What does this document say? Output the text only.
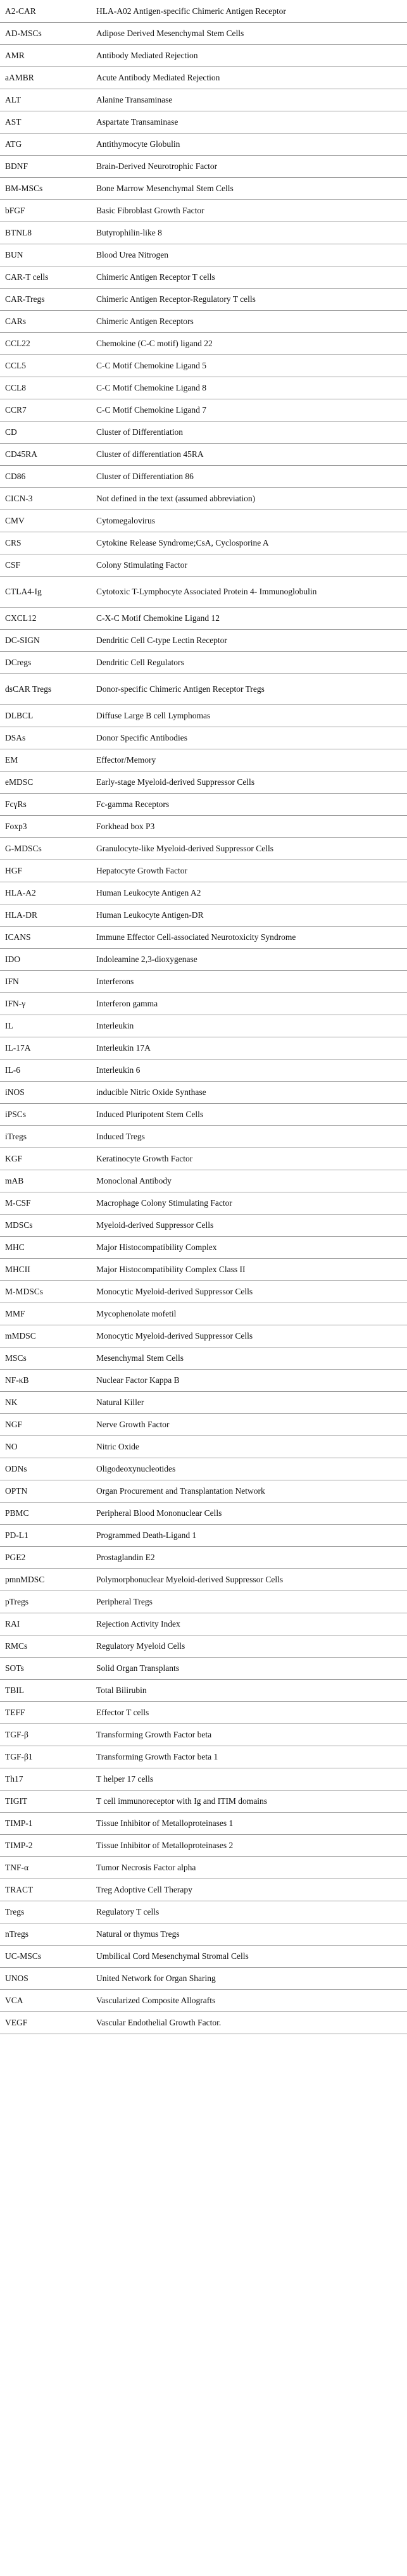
A2-CAR	HLA-A02 Antigen-specific Chimeric Antigen Receptor
AD-MSCs	Adipose Derived Mesenchymal Stem Cells
AMR	Antibody Mediated Rejection
aAMBR	Acute Antibody Mediated Rejection
ALT	Alanine Transaminase
AST	Aspartate Transaminase
ATG	Antithymocyte Globulin
BDNF	Brain-Derived Neurotrophic Factor
BM-MSCs	Bone Marrow Mesenchymal Stem Cells
bFGF	Basic Fibroblast Growth Factor
BTNL8	Butyrophilin-like 8
BUN	Blood Urea Nitrogen
CAR-T cells	Chimeric Antigen Receptor T cells
CAR-Tregs	Chimeric Antigen Receptor-Regulatory T cells
CARs	Chimeric Antigen Receptors
CCL22	Chemokine (C-C motif) ligand 22
CCL5	C-C Motif Chemokine Ligand 5
CCL8	C-C Motif Chemokine Ligand 8
CCR7	C-C Motif Chemokine Ligand 7
CD	Cluster of Differentiation
CD45RA	Cluster of differentiation 45RA
CD86	Cluster of Differentiation 86
CICN-3	Not defined in the text (assumed abbreviation)
CMV	Cytomegalovirus
CRS	Cytokine Release Syndrome;CsA, Cyclosporine A
CSF	Colony Stimulating Factor
CTLA4-Ig	Cytotoxic T-Lymphocyte Associated Protein 4- Immunoglobulin
CXCL12	C-X-C Motif Chemokine Ligand 12
DC-SIGN	Dendritic Cell C-type Lectin Receptor
DCregs	Dendritic Cell Regulators
dsCAR Tregs	Donor-specific Chimeric Antigen Receptor Tregs
DLBCL	Diffuse Large B cell Lymphomas
DSAs	Donor Specific Antibodies
EM	Effector/Memory
eMDSC	Early-stage Myeloid-derived Suppressor Cells
FcγRs	Fc-gamma Receptors
Foxp3	Forkhead box P3
G-MDSCs	Granulocyte-like Myeloid-derived Suppressor Cells
HGF	Hepatocyte Growth Factor
HLA-A2	Human Leukocyte Antigen A2
HLA-DR	Human Leukocyte Antigen-DR
ICANS	Immune Effector Cell-associated Neurotoxicity Syndrome
IDO	Indoleamine 2,3-dioxygenase
IFN	Interferons
IFN-γ	Interferon gamma
IL	Interleukin
IL-17A	Interleukin 17A
IL-6	Interleukin 6
iNOS	inducible Nitric Oxide Synthase
iPSCs	Induced Pluripotent Stem Cells
iTregs	Induced Tregs
KGF	Keratinocyte Growth Factor
mAB	Monoclonal Antibody
M-CSF	Macrophage Colony Stimulating Factor
MDSCs	Myeloid-derived Suppressor Cells
MHC	Major Histocompatibility Complex
MHCII	Major Histocompatibility Complex Class II
M-MDSCs	Monocytic Myeloid-derived Suppressor Cells
MMF	Mycophenolate mofetil
mMDSC	Monocytic Myeloid-derived Suppressor Cells
MSCs	Mesenchymal Stem Cells
NF-κB	Nuclear Factor Kappa B
NK	Natural Killer
NGF	Nerve Growth Factor
NO	Nitric Oxide
ODNs	Oligodeoxynucleotides
OPTN	Organ Procurement and Transplantation Network
PBMC	Peripheral Blood Mononuclear Cells
PD-L1	Programmed Death-Ligand 1
PGE2	Prostaglandin E2
pmnMDSC	Polymorphonuclear Myeloid-derived Suppressor Cells
pTregs	Peripheral Tregs
RAI	Rejection Activity Index
RMCs	Regulatory Myeloid Cells
SOTs	Solid Organ Transplants
TBIL	Total Bilirubin
TEFF	Effector T cells
TGF-β	Transforming Growth Factor beta
TGF-β1	Transforming Growth Factor beta 1
Th17	T helper 17 cells
TIGIT	T cell immunoreceptor with Ig and ITIM domains
TIMP-1	Tissue Inhibitor of Metalloproteinases 1
TIMP-2	Tissue Inhibitor of Metalloproteinases 2
TNF-α	Tumor Necrosis Factor alpha
TRACT	Treg Adoptive Cell Therapy
Tregs	Regulatory T cells
nTregs	Natural or thymus Tregs
UC-MSCs	Umbilical Cord Mesenchymal Stromal Cells
UNOS	United Network for Organ Sharing
VCA	Vascularized Composite Allografts
VEGF	Vascular Endothelial Growth Factor.
